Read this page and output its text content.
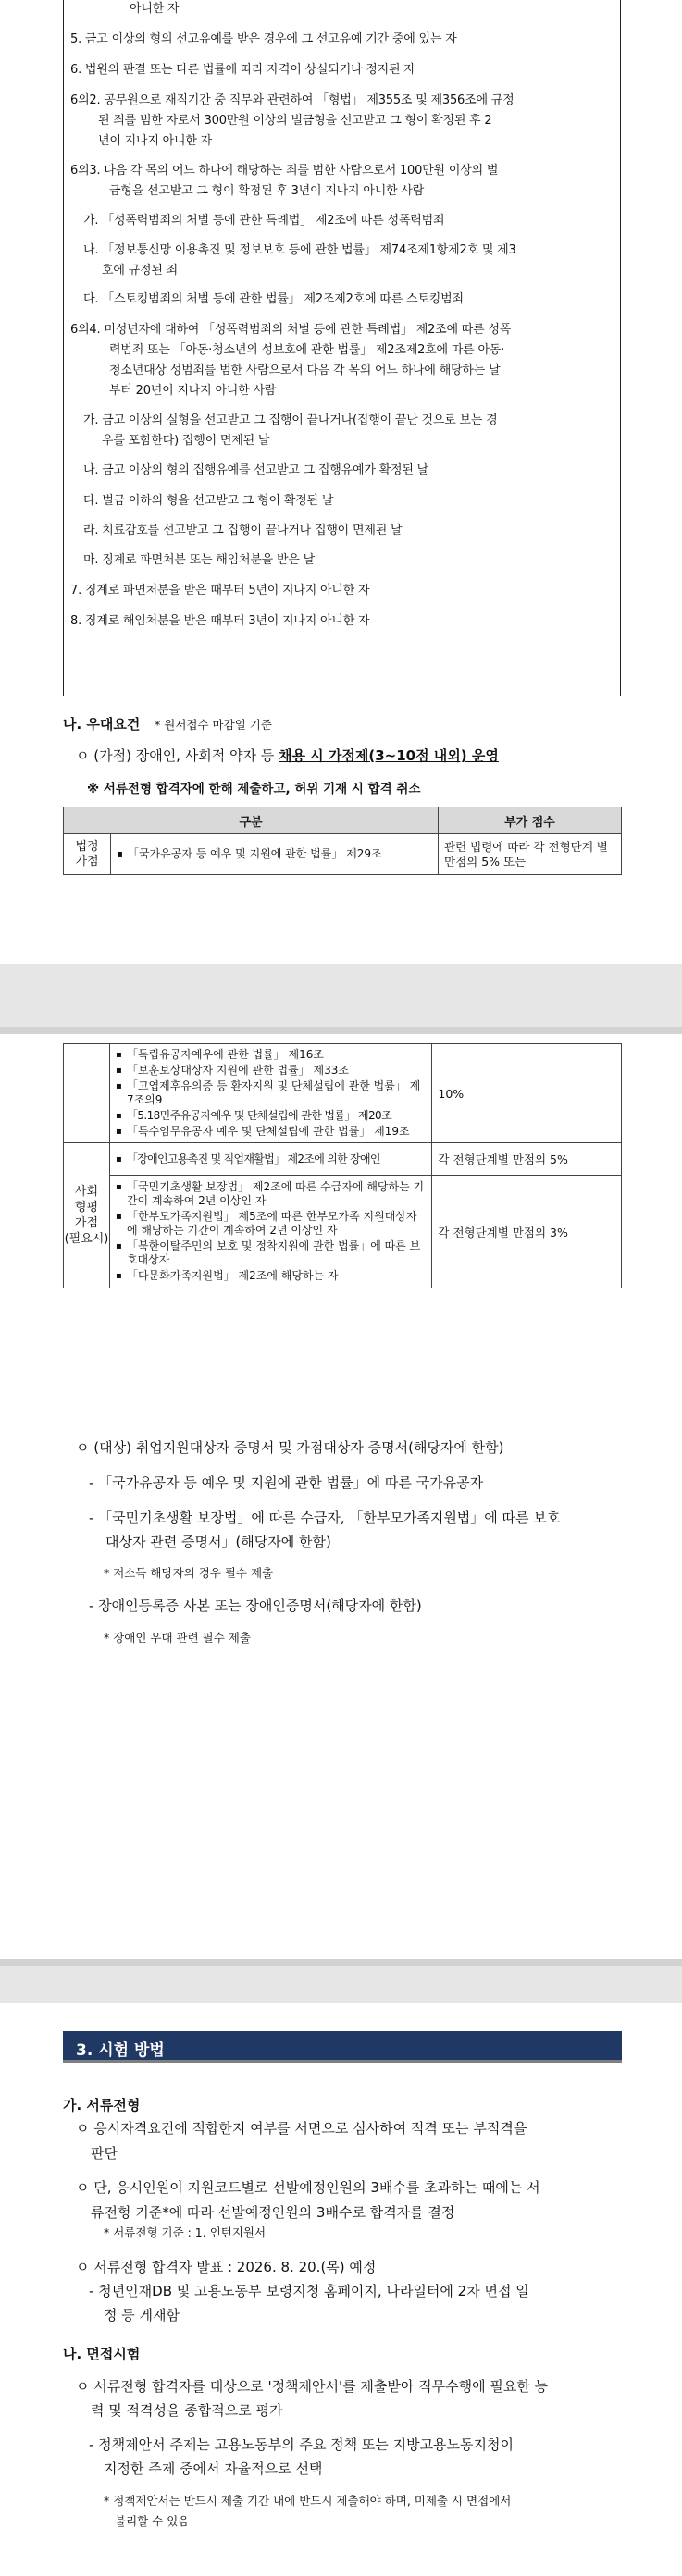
아니한 자
5. 금고 이상의 형의 선고유예를 받은 경우에 그 선고유예 기간 중에 있는 자
6. 법원의 판결 또는 다른 법률에 따라 자격이 상실되거나 정지된 자
6의2. 공무원으로 재직기간 중 직무와 관련하여 「형법」 제355조 및 제356조에 규정
된 죄를 범한 자로서 300만원 이상의 벌금형을 선고받고 그 형이 확정된 후 2
년이 지나지 아니한 자
6의3. 다음 각 목의 어느 하나에 해당하는 죄를 범한 사람으로서 100만원 이상의 벌
금형을 선고받고 그 형이 확정된 후 3년이 지나지 아니한 사람
가. 「성폭력범죄의 처벌 등에 관한 특례법」 제2조에 따른 성폭력범죄
나. 「정보통신망 이용촉진 및 정보보호 등에 관한 법률」 제74조제1항제2호 및 제3
호에 규정된 죄
다. 「스토킹범죄의 처벌 등에 관한 법률」 제2조제2호에 따른 스토킹범죄
6의4. 미성년자에 대하여 「성폭력범죄의 처벌 등에 관한 특례법」 제2조에 따른 성폭
력범죄 또는 「아동·청소년의 성보호에 관한 법률」 제2조제2호에 따른 아동·
청소년대상 성범죄를 범한 사람으로서 다음 각 목의 어느 하나에 해당하는 날
부터 20년이 지나지 아니한 사람
가. 금고 이상의 실형을 선고받고 그 집행이 끝나거나(집행이 끝난 것으로 보는 경
우를 포함한다) 집행이 면제된 날
나. 금고 이상의 형의 집행유예를 선고받고 그 집행유예가 확정된 날
다. 벌금 이하의 형을 선고받고 그 형이 확정된 날
라. 치료감호를 선고받고 그 집행이 끝나거나 집행이 면제된 날
마. 징계로 파면처분 또는 해임처분을 받은 날
7. 징계로 파면처분을 받은 때부터 5년이 지나지 아니한 자
8. 징계로 해임처분을 받은 때부터 3년이 지나지 아니한 자
나. 우대요건 * 원서접수 마감일 기준
ㅇ (가점) 장애인, 사회적 약자 등 채용 시 가점제(3~10점 내외) 운영
※ 서류전형 합격자에 한해 제출하고, 허위 기재 시 합격 취소
구분		부가 점수
법정
가점	▪ 「국가유공자 등 예우 및 지원에 관한 법률」 제29조	관련 법령에 따라 각 전형단계 별 만점의 5% 또는

	▪ 「독립유공자예우에 관한 법률」 제16조
▪ 「보훈보상대상자 지원에 관한 법률」 제33조
▪ 「고엽제후유의증 등 환자지원 및 단체설립에 관한 법률」 제7조의9
▪ 「5.18민주유공자예우 및 단체설립에 관한 법률」 제20조
▪ 「특수임무유공자 예우 및 단체설립에 관한 법률」 제19조	10%
사회
형평
가점
(필요시)	▪ 「장애인고용촉진 및 직업재활법」 제2조에 의한 장애인	각 전형단계별 만점의 5%

	▪ 「국민기초생활 보장법」 제2조에 따른 수급자에 해당하는 기간이 계속하여 2년 이상인 자
▪ 「한부모가족지원법」 제5조에 따른 한부모가족 지원대상자에 해당하는 기간이 계속하여 2년 이상인 자
▪ 「북한이탈주민의 보호 및 정착지원에 관한 법률」에 따른 보호대상자
▪ 「다문화가족지원법」 제2조에 해당하는 자	각 전형단계별 만점의 3%
ㅇ (대상) 취업지원대상자 증명서 및 가점대상자 증명서(해당자에 한함)
- 「국가유공자 등 예우 및 지원에 관한 법률」에 따른 국가유공자
- 「국민기초생활 보장법」에 따른 수급자, 「한부모가족지원법」에 따른 보호
대상자 관련 증명서」(해당자에 한함)
* 저소득 해당자의 경우 필수 제출
- 장애인등록증 사본 또는 장애인증명서(해당자에 한함)
* 장애인 우대 관련 필수 제출
3. 시험 방법
가. 서류전형
ㅇ 응시자격요건에 적합한지 여부를 서면으로 심사하여 적격 또는 부적격을
판단
ㅇ 단, 응시인원이 지원코드별로 선발예정인원의 3배수를 초과하는 때에는 서
류전형 기준*에 따라 선발예정인원의 3배수로 합격자를 결정
* 서류전형 기준 : 1. 인턴지원서
ㅇ 서류전형 합격자 발표 : 2026. 8. 20.(목) 예정
- 청년인재DB 및 고용노동부 보령지청 홈페이지, 나라일터에 2차 면접 일
정 등 게재함
나. 면접시험
ㅇ 서류전형 합격자를 대상으로 '정책제안서'를 제출받아 직무수행에 필요한 능
력 및 적격성을 종합적으로 평가
- 정책제안서 주제는 고용노동부의 주요 정책 또는 지방고용노동지청이
지정한 주제 중에서 자율적으로 선택
* 정책제안서는 반드시 제출 기간 내에 반드시 제출해야 하며, 미제출 시 면접에서
불리할 수 있음
